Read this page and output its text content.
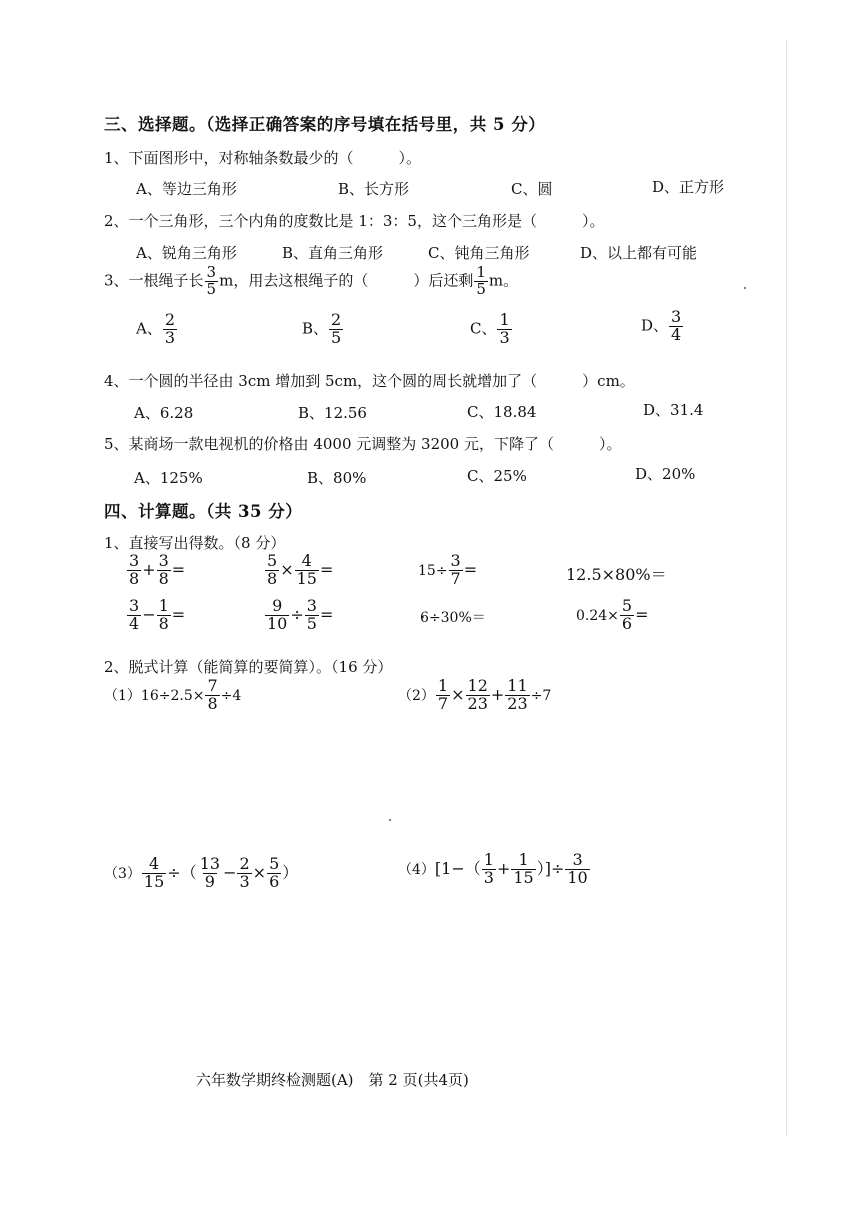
三、选择题。（选择正确答案的序号填在括号里，共 5 分）
1、下面图形中，对称轴条数最少的（　　　）。
A、等边三角形	B、长方形	C、圆	D、正方形
2、一个三角形，三个内角的度数比是 1：3：5，这个三角形是（　　　）。
A、锐角三角形	B、直角三角形	C、钝角三角形	D、以上都有可能
3、一根绳子长 $\frac{3}{5}$ m，用去这根绳子的（　　　）后还剩 $\frac{1}{5}$ m。
A、 $\frac{2}{3}$	B、 $\frac{2}{5}$	C、 $\frac{1}{3}$	D、 $\frac{3}{4}$
4、一个圆的半径由 3cm 增加到 5cm，这个圆的周长就增加了（　　　）cm。
A、6.28	B、12.56	C、18.84	D、31.4
5、某商场一款电视机的价格由 4000 元调整为 3200 元，下降了（　　　）。
A、125%	B、80%	C、25%	D、20%
四、计算题。（共 35 分）
1、直接写出得数。（8 分）
$\frac{3}{8} + \frac{3}{8}$ =	$\frac{5}{8} \times \frac{4}{15}$ =	$15\div \frac{3}{7}$ =	12.5×80%＝
$\frac{3}{4} - \frac{1}{8}$ =	$\frac{9}{10} \div \frac{3}{5}$ =	6÷30%＝	$0.24\times \frac{5}{6}$ =
2、脱式计算（能简算的要简算）。（16 分）
$(1)16\div 2.5\times \frac{7}{8} \div 4$	$(2) \frac{1}{7} \times \frac{12}{23} + \frac{11}{23} \div 7$
$(3) \frac{4}{15}$ ÷（ $\frac{13}{9} - \frac{2}{3} \times \frac{5}{6}$ ）	$(4)[1-( \frac{1}{3} + \frac{1}{15}$ ）]÷ $\frac{3}{10}$
六年数学期终检测题(A)　第 2 页(共4页)
